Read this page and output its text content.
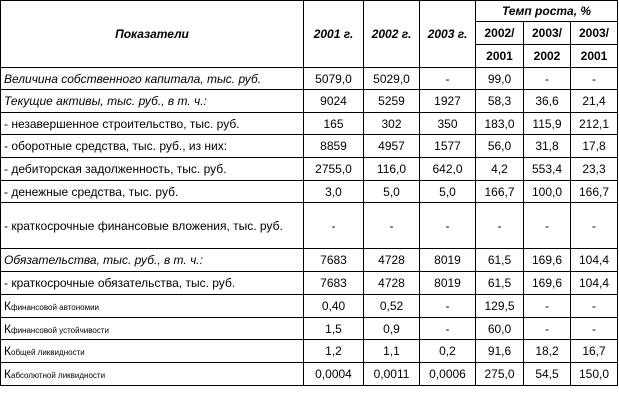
Показатели	2001 г.	2002 г.	2003 г.	Темп роста, %		
				2002/	2003/	2003/
				2001	2002	2001
Величина собственного капитала, тыс. руб.	5079,0	5029,0	-	99,0	-	-
Текущие активы, тыс. руб., в т. ч.:	9024	5259	1927	58,3	36,6	21,4
- незавершенное строительство, тыс. руб.	165	302	350	183,0	115,9	212,1
- оборотные средства, тыс. руб., из них:	8859	4957	1577	56,0	31,8	17,8
- дебиторская задолженность, тыс. руб.	2755,0	116,0	642,0	4,2	553,4	23,3
- денежные средства, тыс. руб.	3,0	5,0	5,0	166,7	100,0	166,7
- краткосрочные финансовые вложения, тыс. руб.	-	-	-	-	-	-
Обязательства, тыс. руб., в т. ч.:	7683	4728	8019	61,5	169,6	104,4
- краткосрочные обязательства, тыс. руб.	7683	4728	8019	61,5	169,6	104,4
Кфинансовой автономии	0,40	0,52	-	129,5	-	-
Кфинансовой устойчивости	1,5	0,9	-	60,0	-	-
Кобщей ликвидности	1,2	1,1	0,2	91,6	18,2	16,7
Кабсолютной ликвидности	0,0004	0,0011	0,0006	275,0	54,5	150,0
